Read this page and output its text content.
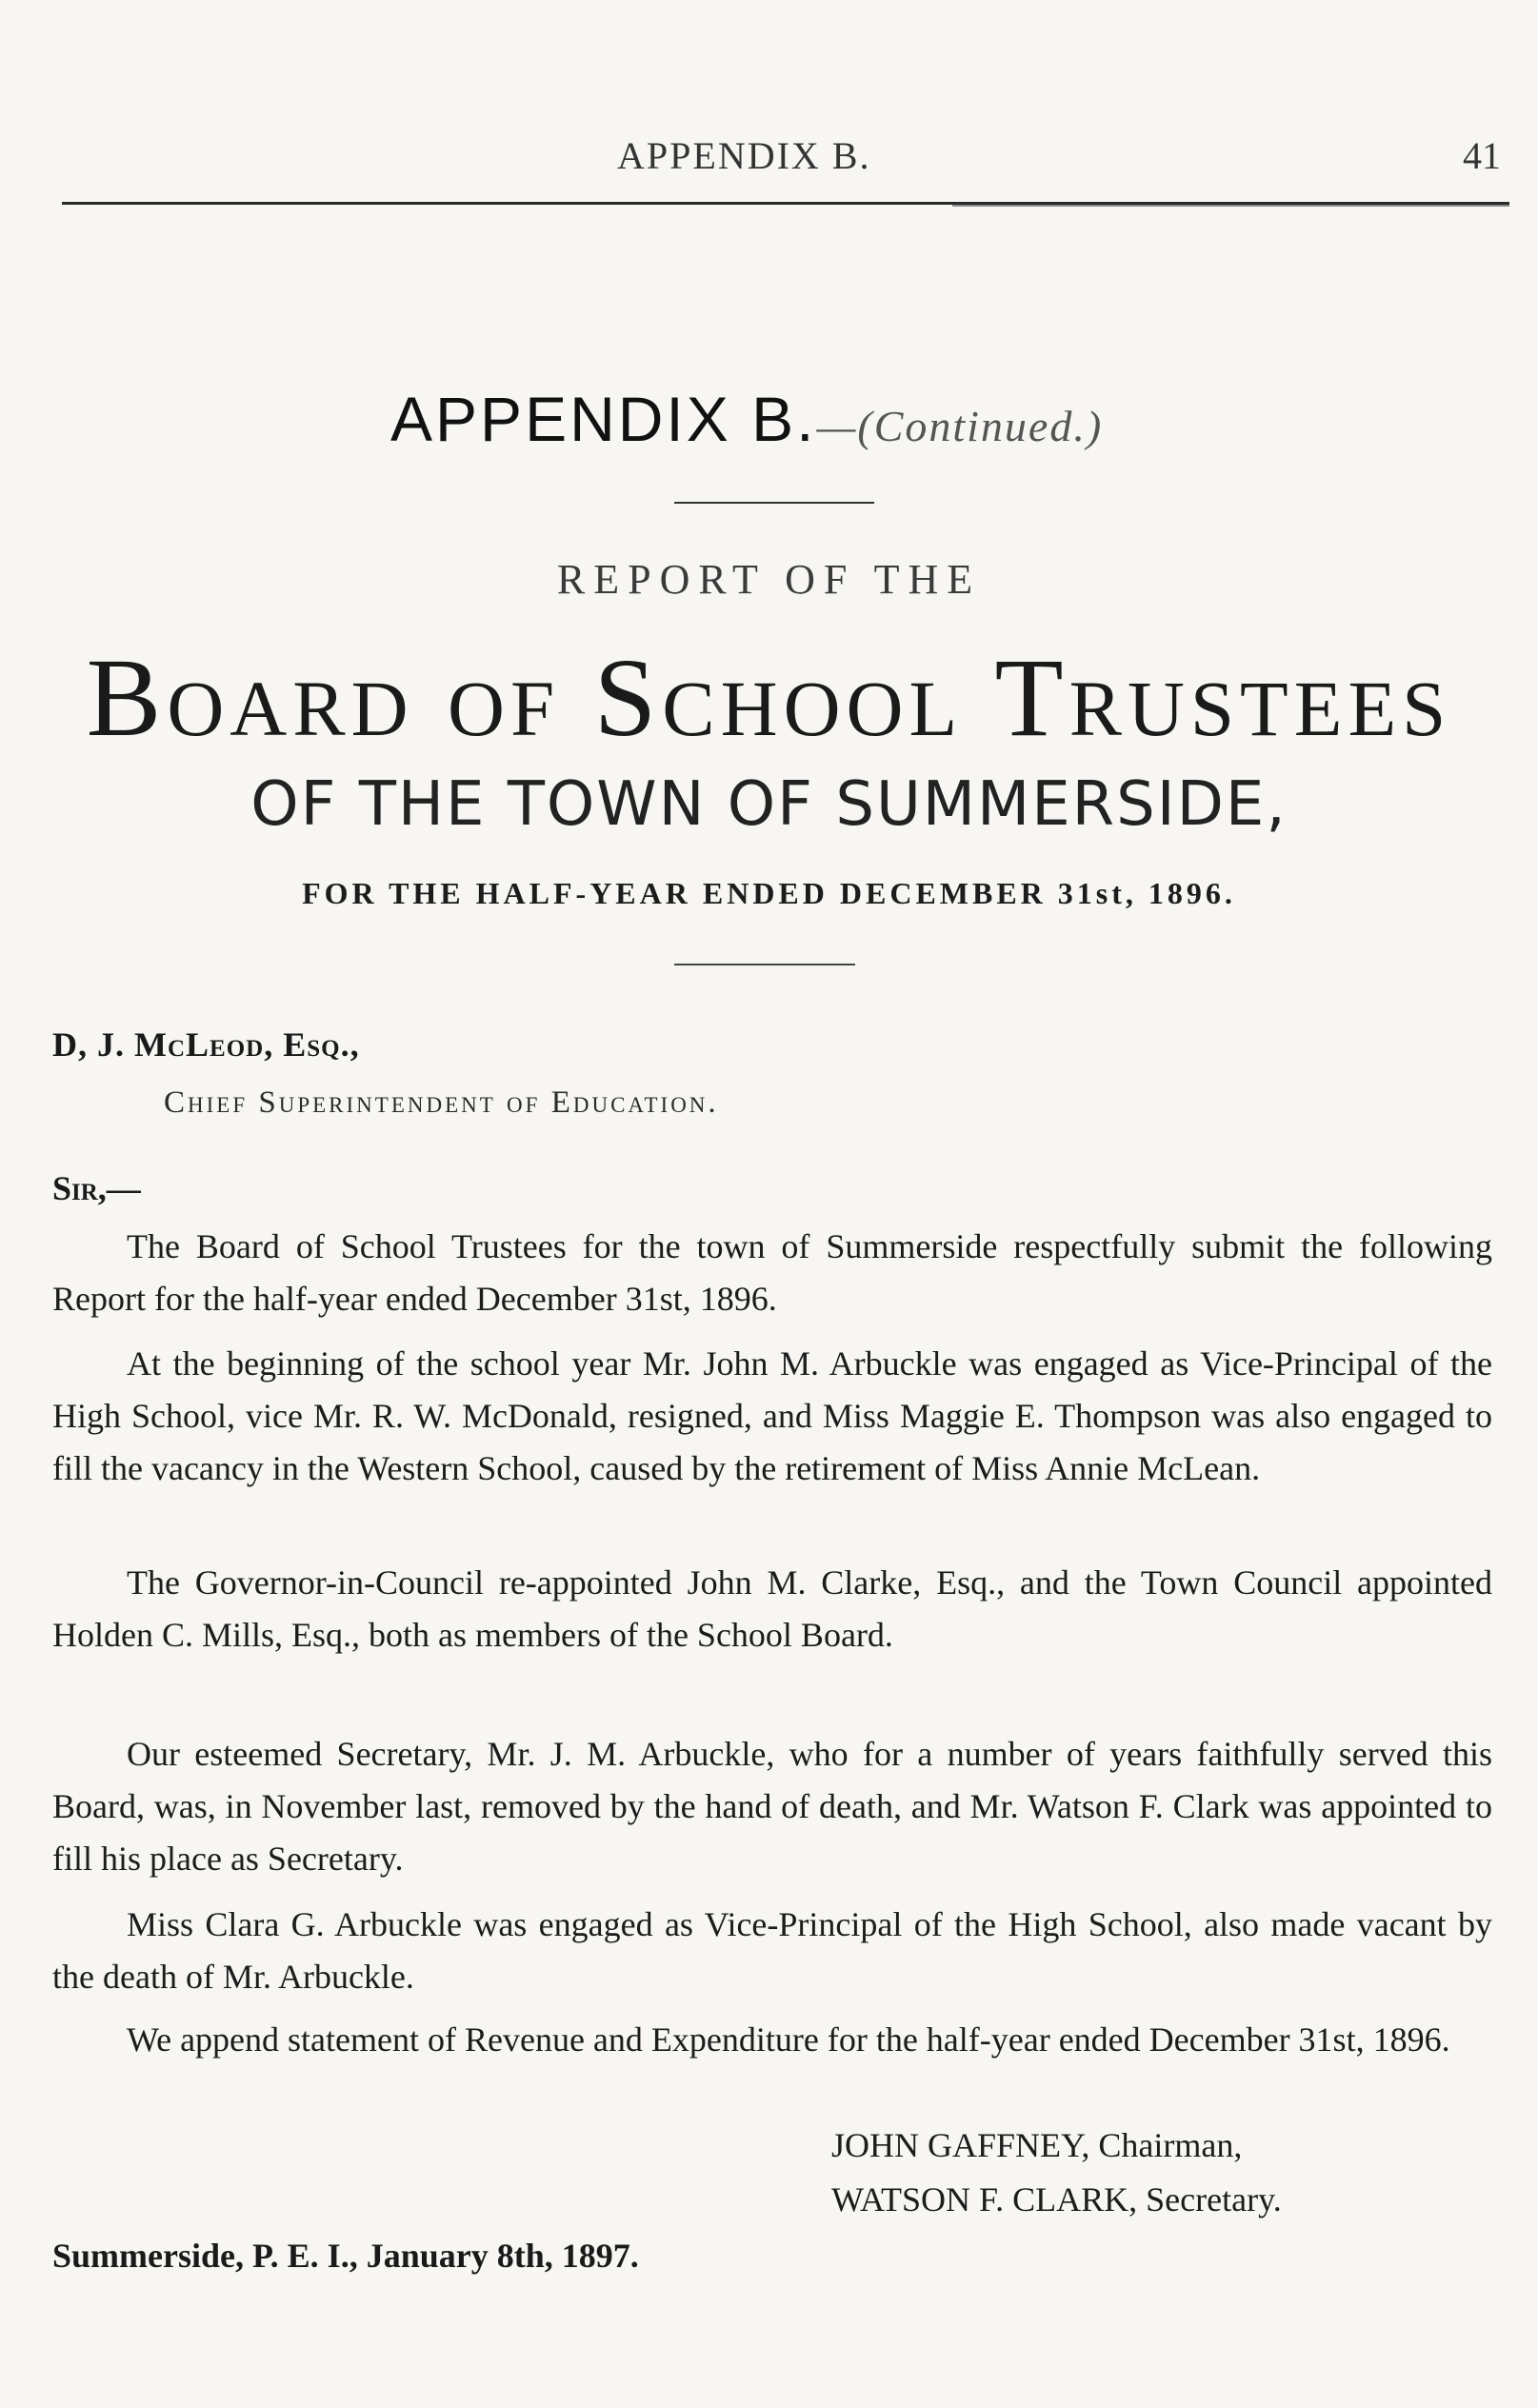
APPENDIX B.	41
APPENDIX B.—(Continued.)
REPORT OF THE
Board of School Trustees
OF THE TOWN OF SUMMERSIDE,
FOR THE HALF-YEAR ENDED DECEMBER 31st, 1896.
D, J. McLeod, Esq.,
Chief Superintendent of Education.
Sir,—

The Board of School Trustees for the town of Summerside respectfully submit the following Report for the half-year ended December 31st, 1896.

At the beginning of the school year Mr. John M. Arbuckle was engaged as Vice-Principal of the High School, vice Mr. R. W. McDonald, resigned, and Miss Maggie E. Thompson was also engaged to fill the vacancy in the Western School, caused by the retirement of Miss Annie McLean.

The Governor-in-Council re-appointed John M. Clarke, Esq., and the Town Council appointed Holden C. Mills, Esq., both as members of the School Board.

Our esteemed Secretary, Mr. J. M. Arbuckle, who for a number of years faithfully served this Board, was, in November last, removed by the hand of death, and Mr. Watson F. Clark was appointed to fill his place as Secretary.

Miss Clara G. Arbuckle was engaged as Vice-Principal of the High School, also made vacant by the death of Mr. Arbuckle.

We append statement of Revenue and Expenditure for the half-year ended December 31st, 1896.

JOHN GAFFNEY, Chairman,
WATSON F. CLARK, Secretary.
Summerside, P. E. I., January 8th, 1897.
